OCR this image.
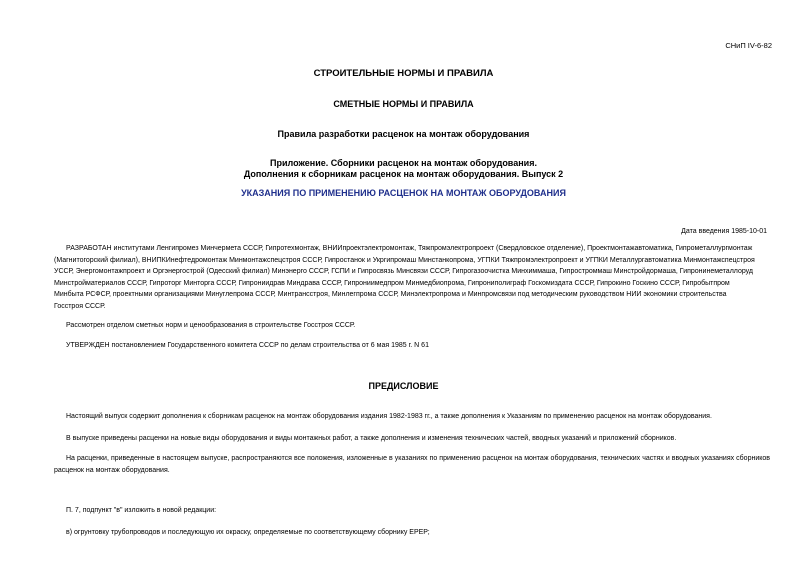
СНиП IV-6-82
СТРОИТЕЛЬНЫЕ НОРМЫ И ПРАВИЛА
СМЕТНЫЕ НОРМЫ И ПРАВИЛА
Правила разработки расценок на монтаж оборудования
Приложение. Сборники расценок на монтаж оборудования.
Дополнения к сборникам расценок на монтаж оборудования. Выпуск 2
УКАЗАНИЯ ПО ПРИМЕНЕНИЮ РАСЦЕНОК НА МОНТАЖ ОБОРУДОВАНИЯ
Дата введения 1985-10-01
РАЗРАБОТАН институтами Ленгипромез Минчермета СССР, Гипротехмонтаж, ВНИИпроектэлектромонтаж, Тяжпромэлектропроект (Свердловское отделение), Проектмонтажавтоматика, Гипрометаллургмонтаж
(Магнитогорский филиал), ВНИПКИнефтедромонтаж Минмонтажспецстроя СССР, Гипростанок и Укргипромаш Минстанкопрома, УГПКИ Тяжпромэлектропроект и УГПКИ Металлургавтоматика Минмонтажспецстроя
УССР, Энергомонтажпроект и Оргэнергострой (Одесский филиал) Минэнерго СССР, ГСПИ и Гипросвязь Минсвязи СССР, Гипрогазоочистка Минхиммаша, Гипростроммаш Минстройдормаша, Гипронинеметаллоруд
Минстройматериалов СССР, Гипроторг Минторга СССР, Гипрониидрав Миндрава СССР, Гипрониимедпром Минмедбиопрома, Гипрониполиграф Госкомиздата СССР, Гипрокино Госкино СССР, Гипробытпром
Минбыта РСФСР, проектными организациями Минуглепрома СССР, Минтрансстроя, Минлегпрома СССР, Минэлектропрома и Минпромсвязи под методическим руководством НИИ экономики строительства
Госстроя СССР.
Рассмотрен отделом сметных норм и ценообразования в строительстве Госстроя СССР.
УТВЕРЖДЕН постановлением Государственного комитета СССР по делам строительства от 6 мая 1985 г. N 61
ПРЕДИСЛОВИЕ
Настоящий выпуск содержит дополнения к сборникам расценок на монтаж оборудования издания 1982-1983 гг., а также дополнения к Указаниям по применению расценок на монтаж оборудования.
В выпуске приведены расценки на новые виды оборудования и виды монтажных работ, а также дополнения и изменения технических частей, вводных указаний и приложений сборников.
На расценки, приведенные в настоящем выпуске, распространяются все положения, изложенные в указаниях по применению расценок на монтаж оборудования, технических частях и вводных указаниях сборников расценок на монтаж оборудования.
П. 7, подпункт "в" изложить в новой редакции:
в) огрунтовку трубопроводов и последующую их окраску, определяемые по соответствующему сборнику ЕРЕР;
